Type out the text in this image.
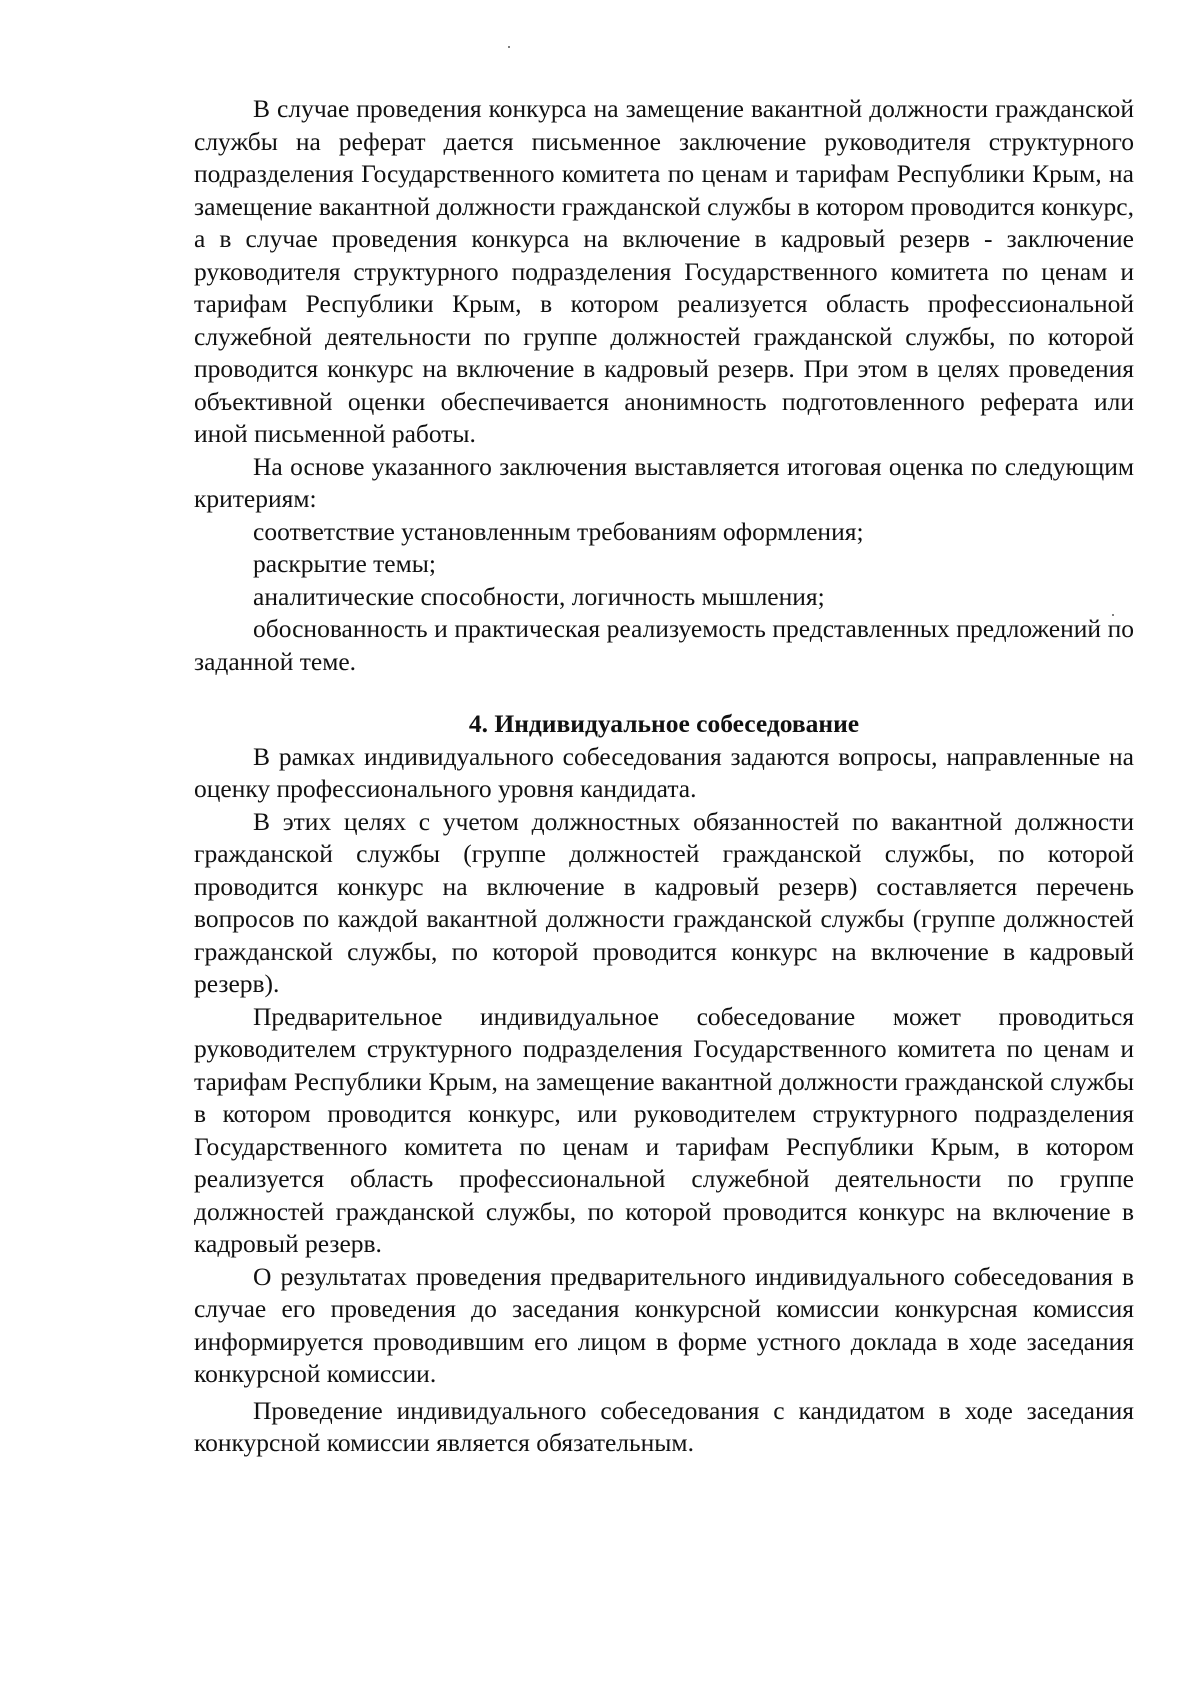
В случае проведения конкурса на замещение вакантной должности гражданской службы на реферат дается письменное заключение руководителя структурного подразделения Государственного комитета по ценам и тарифам Республики Крым, на замещение вакантной должности гражданской службы в котором проводится конкурс, а в случае проведения конкурса на включение в кадровый резерв - заключение руководителя структурного подразделения Государственного комитета по ценам и тарифам Республики Крым, в котором реализуется область профессиональной служебной деятельности по группе должностей гражданской службы, по которой проводится конкурс на включение в кадровый резерв. При этом в целях проведения объективной оценки обеспечивается анонимность подготовленного реферата или иной письменной работы.

На основе указанного заключения выставляется итоговая оценка по следующим критериям:

соответствие установленным требованиям оформления;

раскрытие темы;

аналитические способности, логичность мышления;

обоснованность и практическая реализуемость представленных предложений по заданной теме.

4. Индивидуальное собеседование

В рамках индивидуального собеседования задаются вопросы, направленные на оценку профессионального уровня кандидата.

В этих целях с учетом должностных обязанностей по вакантной должности гражданской службы (группе должностей гражданской службы, по которой проводится конкурс на включение в кадровый резерв) составляется перечень вопросов по каждой вакантной должности гражданской службы (группе должностей гражданской службы, по которой проводится конкурс на включение в кадровый резерв).

Предварительное индивидуальное собеседование может проводиться руководителем структурного подразделения Государственного комитета по ценам и тарифам Республики Крым, на замещение вакантной должности гражданской службы в котором проводится конкурс, или руководителем структурного подразделения Государственного комитета по ценам и тарифам Республики Крым, в котором реализуется область профессиональной служебной деятельности по группе должностей гражданской службы, по которой проводится конкурс на включение в кадровый резерв.

О результатах проведения предварительного индивидуального собеседования в случае его проведения до заседания конкурсной комиссии конкурсная комиссия информируется проводившим его лицом в форме устного доклада в ходе заседания конкурсной комиссии.

Проведение индивидуального собеседования с кандидатом в ходе заседания конкурсной комиссии является обязательным.
